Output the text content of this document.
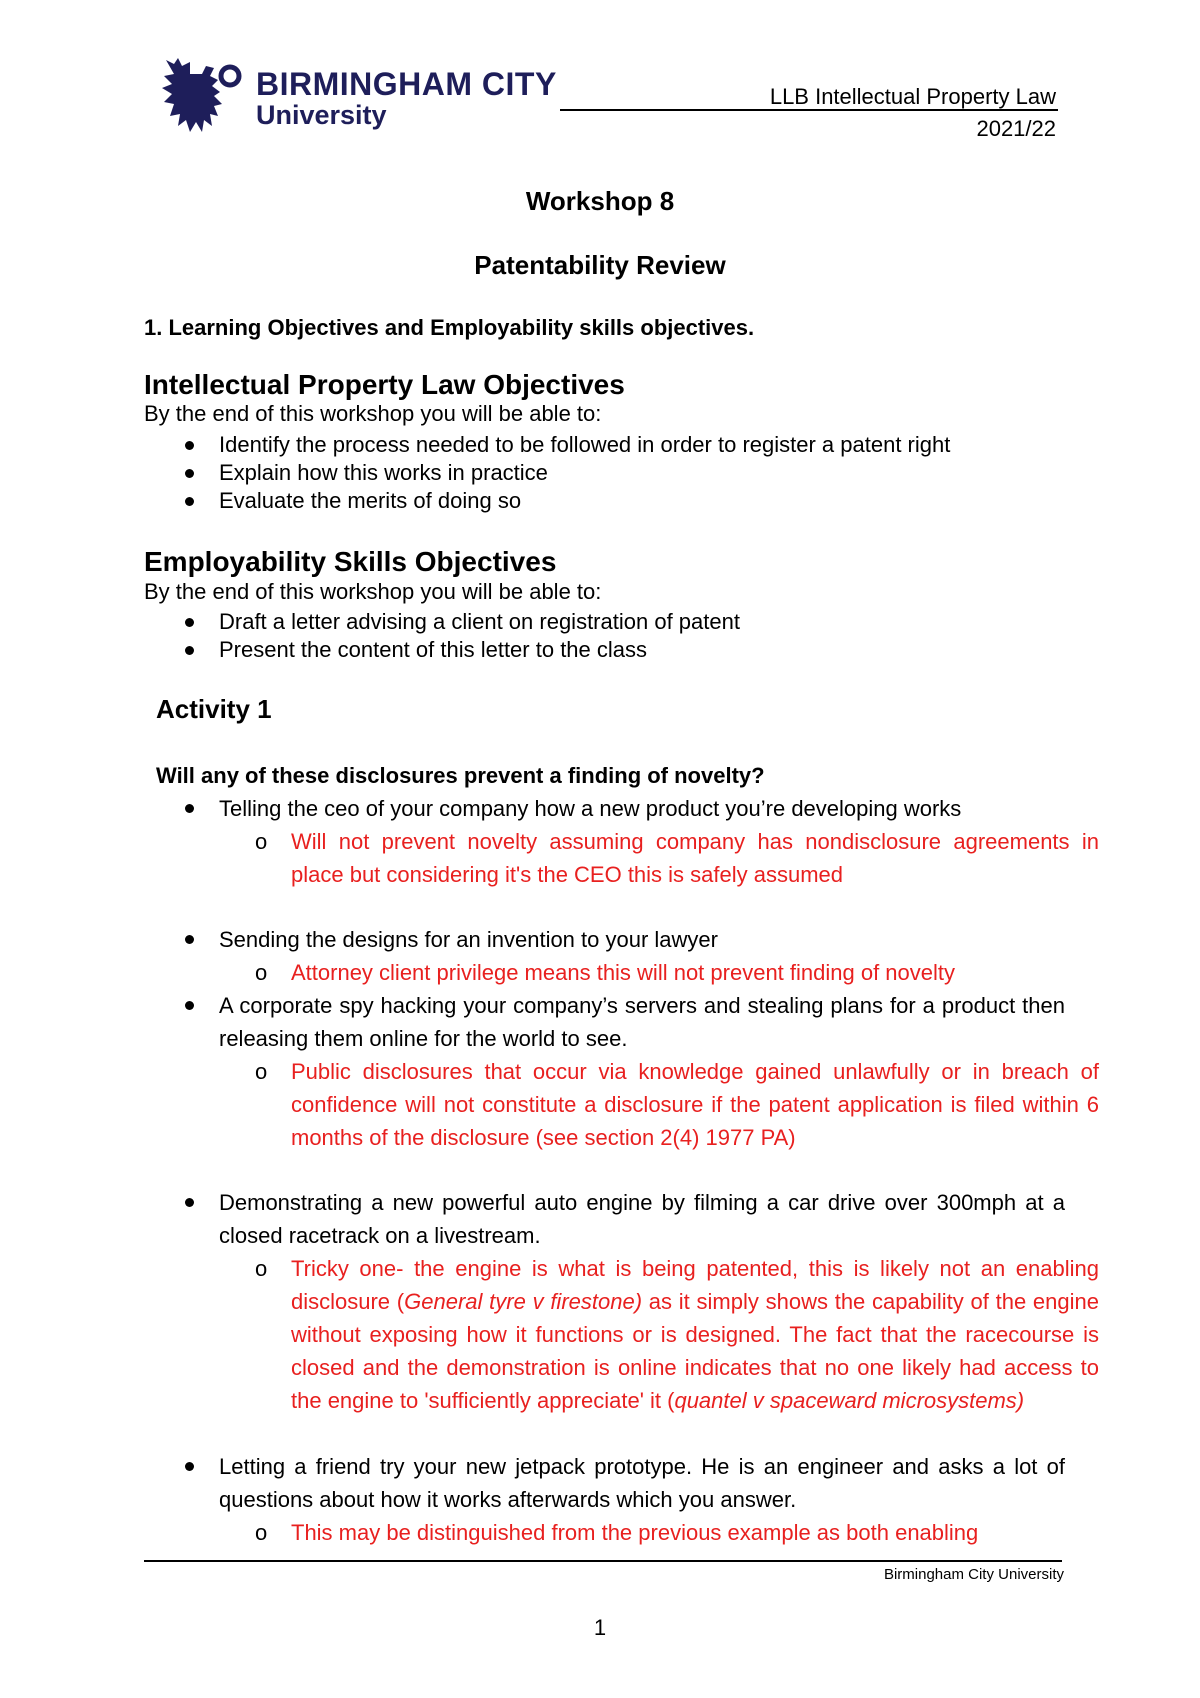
BIRMINGHAM CITY
University
LLB Intellectual Property Law
2021/22
Workshop 8
Patentability Review
1. Learning Objectives and Employability skills objectives.
Intellectual Property Law Objectives
By the end of this workshop you will be able to:
Identify the process needed to be followed in order to register a patent right
Explain how this works in practice
Evaluate the merits of doing so
Employability Skills Objectives
By the end of this workshop you will be able to:
Draft a letter advising a client on registration of patent
Present the content of this letter to the class
Activity 1
Will any of these disclosures prevent a finding of novelty?
Telling the ceo of your company how a new product you’re developing works
o Will not prevent novelty assuming company has nondisclosure agreements in place but considering it's the CEO this is safely assumed
Sending the designs for an invention to your lawyer
o Attorney client privilege means this will not prevent finding of novelty
A corporate spy hacking your company’s servers and stealing plans for a product then releasing them online for the world to see.
o Public disclosures that occur via knowledge gained unlawfully or in breach of confidence will not constitute a disclosure if the patent application is filed within 6 months of the disclosure (see section 2(4) 1977 PA)
Demonstrating a new powerful auto engine by filming a car drive over 300mph at a closed racetrack on a livestream.
o Tricky one- the engine is what is being patented, this is likely not an enabling disclosure (General tyre v firestone) as it simply shows the capability of the engine without exposing how it functions or is designed. The fact that the racecourse is closed and the demonstration is online indicates that no one likely had access to the engine to 'sufficiently appreciate' it (quantel v spaceward microsystems)
Letting a friend try your new jetpack prototype. He is an engineer and asks a lot of questions about how it works afterwards which you answer.
o This may be distinguished from the previous example as both enabling
Birmingham City University
1
